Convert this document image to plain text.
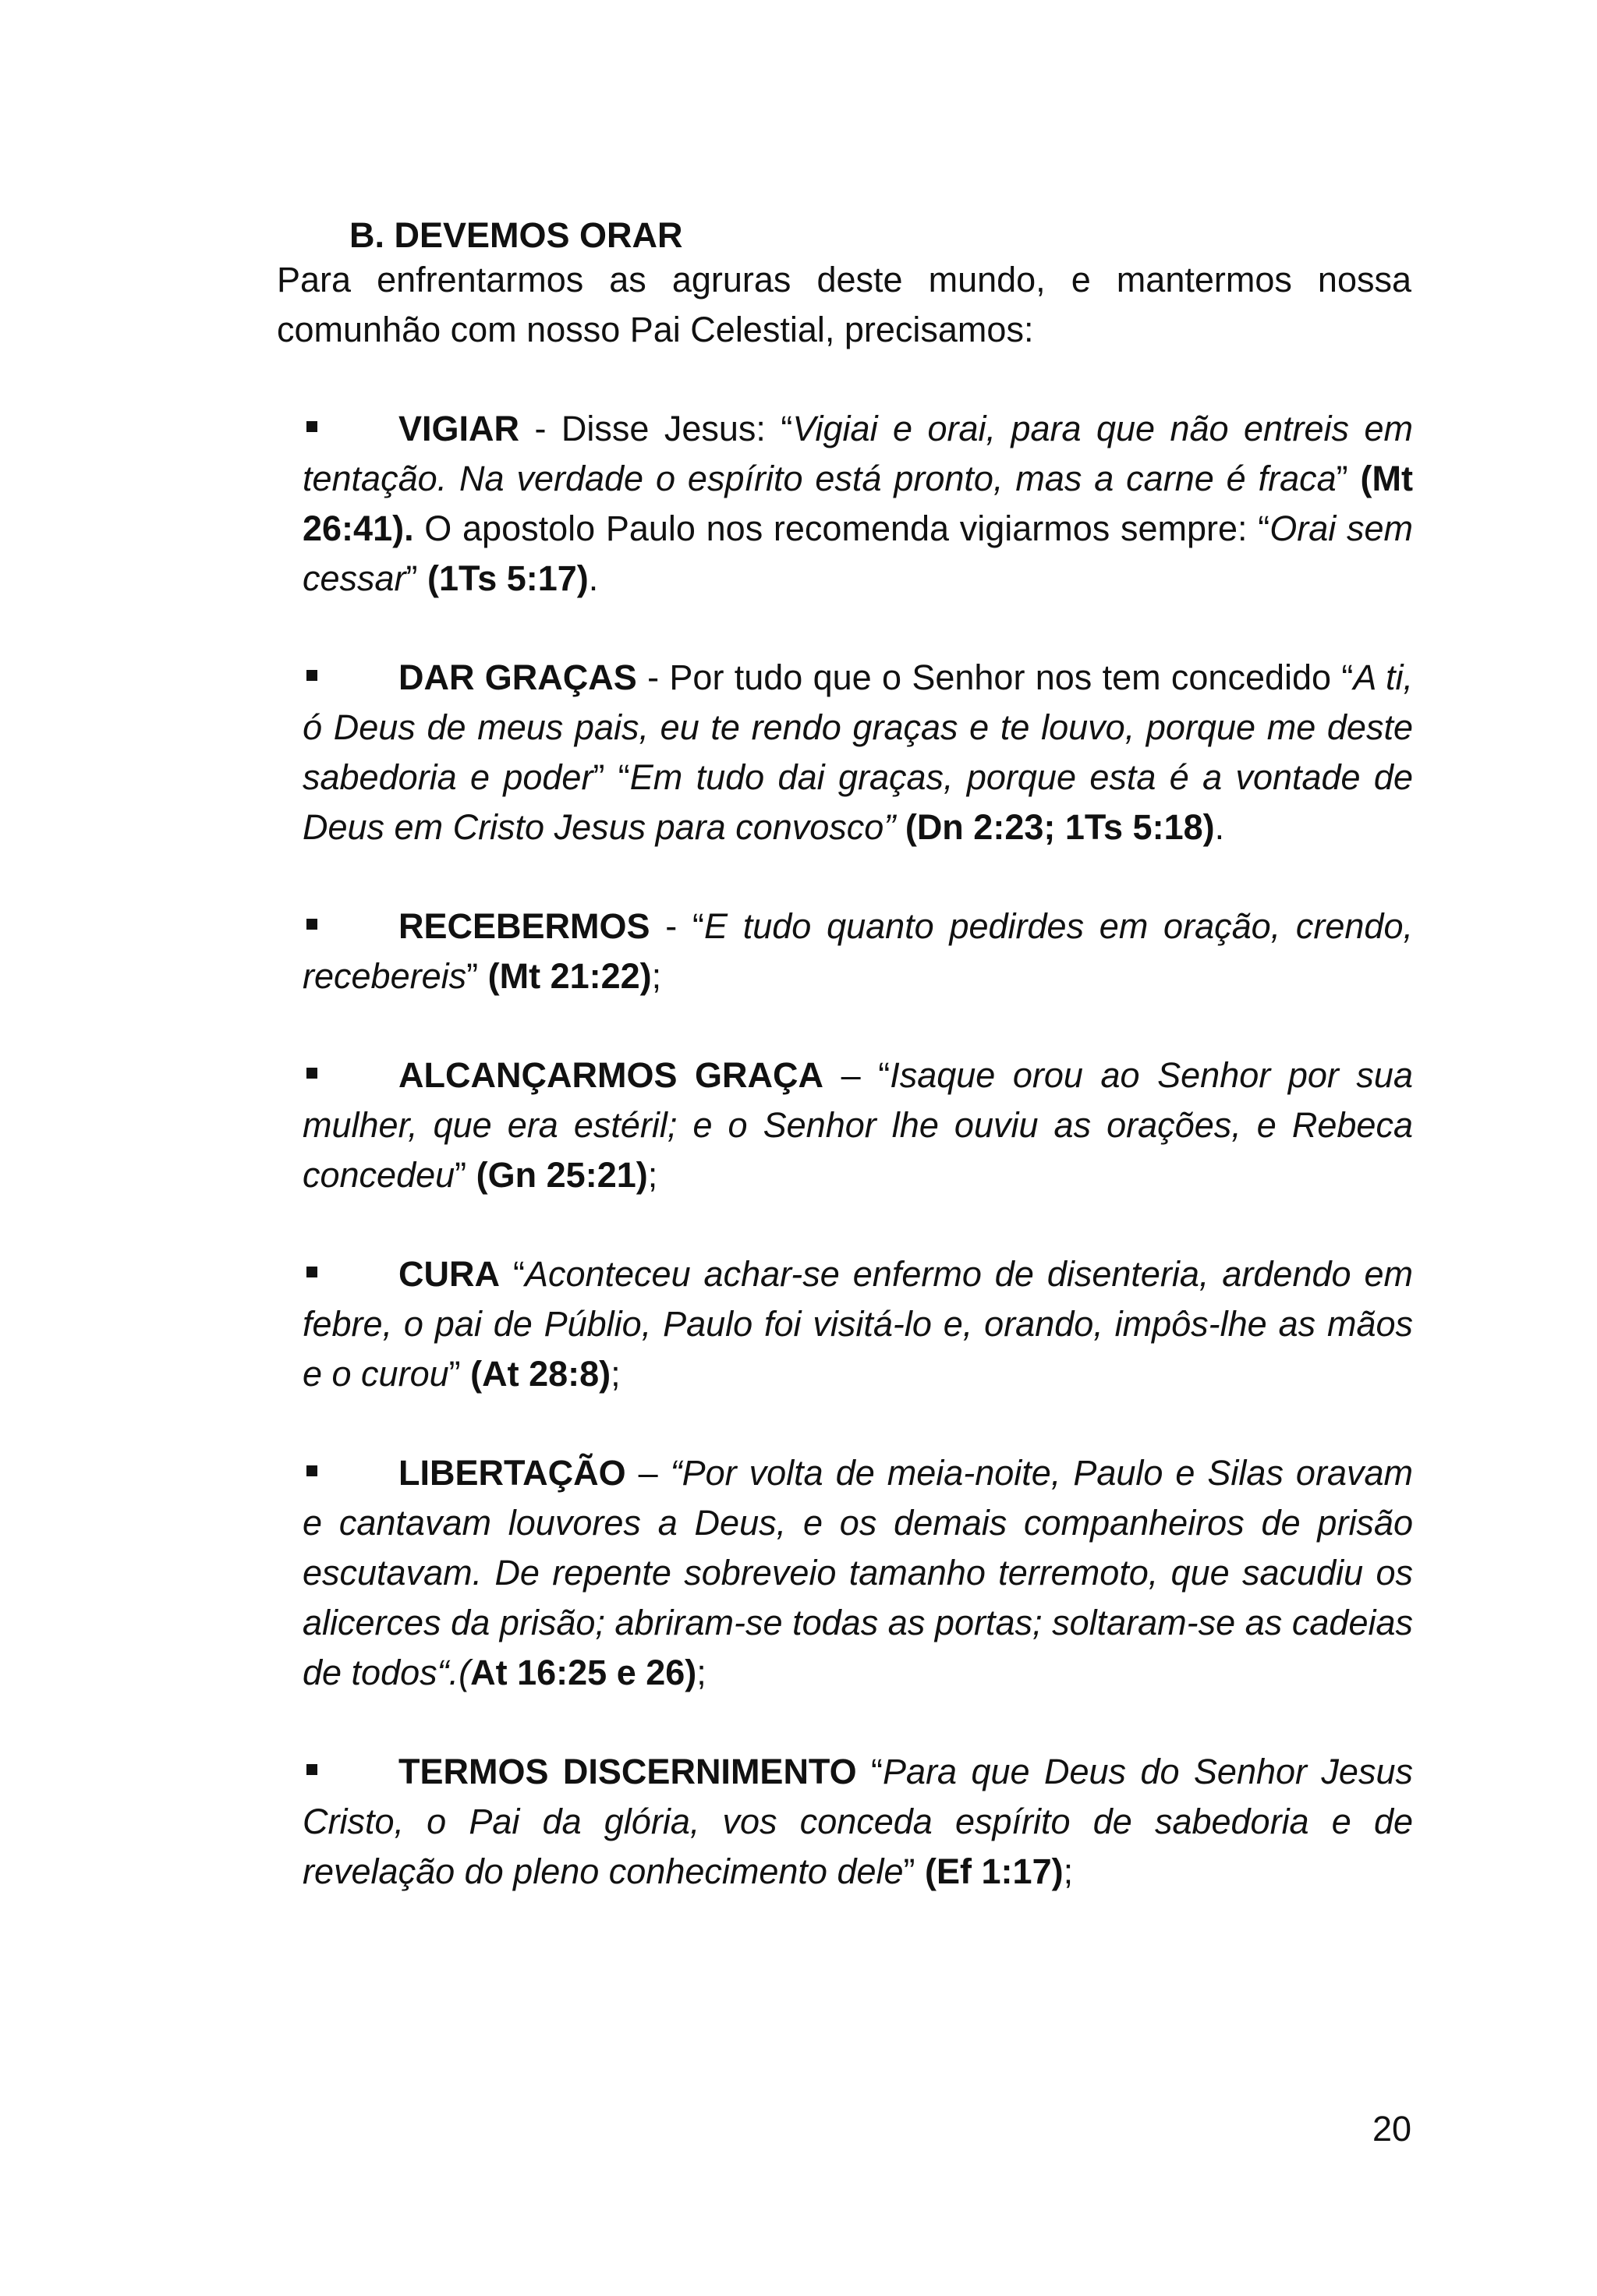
B. DEVEMOS ORAR
Para enfrentarmos as agruras deste mundo, e mantermos nossa comunhão com nosso Pai Celestial, precisamos:
VIGIAR - Disse Jesus: “Vigiai e orai, para que não entreis em tentação. Na verdade o espírito está pronto, mas a carne é fraca” (Mt 26:41). O apostolo Paulo nos recomenda vigiarmos sempre: “Orai sem cessar” (1Ts 5:17).
DAR GRAÇAS - Por tudo que o Senhor nos tem concedido “A ti, ó Deus de meus pais, eu te rendo graças e te louvo, porque me deste sabedoria e poder” “Em tudo dai graças, porque esta é a vontade de Deus em Cristo Jesus para convosco” (Dn 2:23; 1Ts 5:18).
RECEBERMOS - “E tudo quanto pedirdes em oração, crendo, recebereis” (Mt 21:22);
ALCANÇARMOS GRAÇA – “Isaque orou ao Senhor por sua mulher, que era estéril; e o Senhor lhe ouviu as orações, e Rebeca concedeu” (Gn 25:21);
CURA “Aconteceu achar-se enfermo de disenteria, ardendo em febre, o pai de Públio, Paulo foi visitá-lo e, orando, impôs-lhe as mãos e o curou” (At 28:8);
LIBERTAÇÃO – “Por volta de meia-noite, Paulo e Silas oravam e cantavam louvores a Deus, e os demais companheiros de prisão escutavam. De repente sobreveio tamanho terremoto, que sacudiu os alicerces da prisão; abriram-se todas as portas; soltaram-se as cadeias de todos“.(At 16:25 e 26);
TERMOS DISCERNIMENTO “Para que Deus do Senhor Jesus Cristo, o Pai da glória, vos conceda espírito de sabedoria e de revelação do pleno conhecimento dele” (Ef 1:17);
20
